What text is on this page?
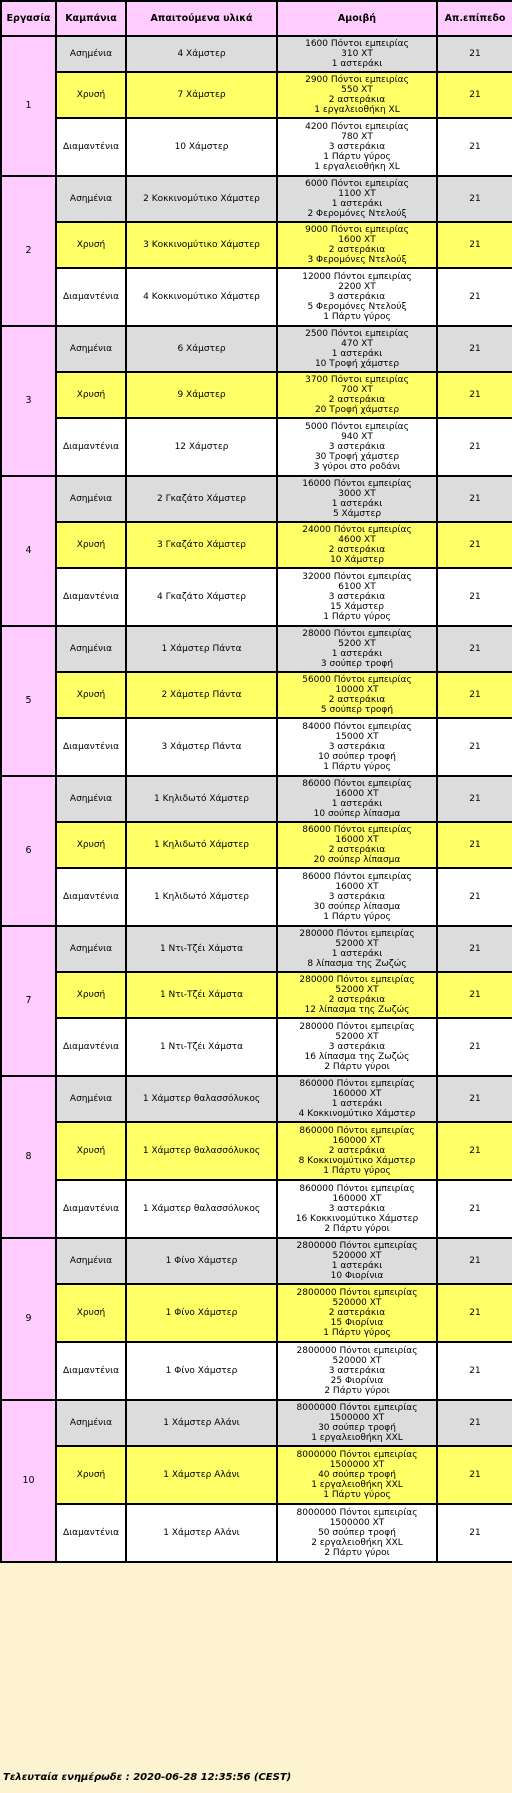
Εργασία	Καμπάνια	Απαιτούμενα υλικά	Αμοιβή	Απ.επίπεδο
1	Ασημένια	4 Χάμστερ	1600 Πόντοι εμπειρίας
310 ΧΤ
1 αστεράκι	21
	Χρυσή	7 Χάμστερ	2900 Πόντοι εμπειρίας
550 ΧΤ
2 αστεράκια
1 εργαλειοθήκη XL	21
	Διαμαντένια	10 Χάμστερ	4200 Πόντοι εμπειρίας
780 ΧΤ
3 αστεράκια
1 Πάρτυ γύρος
1 εργαλειοθήκη XL	21
2	Ασημένια	2 Κοκκινομύτικο Χάμστερ	6000 Πόντοι εμπειρίας
1100 ΧΤ
1 αστεράκι
2 Φερομόνες Ντελούξ	21
	Χρυσή	3 Κοκκινομύτικο Χάμστερ	9000 Πόντοι εμπειρίας
1600 ΧΤ
2 αστεράκια
3 Φερομόνες Ντελούξ	21
	Διαμαντένια	4 Κοκκινομύτικο Χάμστερ	12000 Πόντοι εμπειρίας
2200 ΧΤ
3 αστεράκια
5 Φερομόνες Ντελούξ
1 Πάρτυ γύρος	21
3	Ασημένια	6 Χάμστερ	2500 Πόντοι εμπειρίας
470 ΧΤ
1 αστεράκι
10 Τροφή χάμστερ	21
	Χρυσή	9 Χάμστερ	3700 Πόντοι εμπειρίας
700 ΧΤ
2 αστεράκια
20 Τροφή χάμστερ	21
	Διαμαντένια	12 Χάμστερ	5000 Πόντοι εμπειρίας
940 ΧΤ
3 αστεράκια
30 Τροφή χάμστερ
3 γύροι στο ροδάνι	21
4	Ασημένια	2 Γκαζάτο Χάμστερ	16000 Πόντοι εμπειρίας
3000 ΧΤ
1 αστεράκι
5 Χάμστερ	21
	Χρυσή	3 Γκαζάτο Χάμστερ	24000 Πόντοι εμπειρίας
4600 ΧΤ
2 αστεράκια
10 Χάμστερ	21
	Διαμαντένια	4 Γκαζάτο Χάμστερ	32000 Πόντοι εμπειρίας
6100 ΧΤ
3 αστεράκια
15 Χάμστερ
1 Πάρτυ γύρος	21
5	Ασημένια	1 Χάμστερ Πάντα	28000 Πόντοι εμπειρίας
5200 ΧΤ
1 αστεράκι
3 σούπερ τροφή	21
	Χρυσή	2 Χάμστερ Πάντα	56000 Πόντοι εμπειρίας
10000 ΧΤ
2 αστεράκια
5 σούπερ τροφή	21
	Διαμαντένια	3 Χάμστερ Πάντα	84000 Πόντοι εμπειρίας
15000 ΧΤ
3 αστεράκια
10 σούπερ τροφή
1 Πάρτυ γύρος	21
6	Ασημένια	1 Κηλιδωτό Χάμστερ	86000 Πόντοι εμπειρίας
16000 ΧΤ
1 αστεράκι
10 σούπερ λίπασμα	21
	Χρυσή	1 Κηλιδωτό Χάμστερ	86000 Πόντοι εμπειρίας
16000 ΧΤ
2 αστεράκια
20 σούπερ λίπασμα	21
	Διαμαντένια	1 Κηλιδωτό Χάμστερ	86000 Πόντοι εμπειρίας
16000 ΧΤ
3 αστεράκια
30 σούπερ λίπασμα
1 Πάρτυ γύρος	21
7	Ασημένια	1 Ντι-Τζέι Χάμστα	280000 Πόντοι εμπειρίας
52000 ΧΤ
1 αστεράκι
8 λίπασμα της Ζωζώς	21
	Χρυσή	1 Ντι-Τζέι Χάμστα	280000 Πόντοι εμπειρίας
52000 ΧΤ
2 αστεράκια
12 λίπασμα της Ζωζώς	21
	Διαμαντένια	1 Ντι-Τζέι Χάμστα	280000 Πόντοι εμπειρίας
52000 ΧΤ
3 αστεράκια
16 λίπασμα της Ζωζώς
2 Πάρτυ γύροι	21
8	Ασημένια	1 Χάμστερ θαλασσόλυκος	860000 Πόντοι εμπειρίας
160000 ΧΤ
1 αστεράκι
4 Κοκκινομύτικο Χάμστερ	21
	Χρυσή	1 Χάμστερ θαλασσόλυκος	860000 Πόντοι εμπειρίας
160000 ΧΤ
2 αστεράκια
8 Κοκκινομύτικο Χάμστερ
1 Πάρτυ γύρος	21
	Διαμαντένια	1 Χάμστερ θαλασσόλυκος	860000 Πόντοι εμπειρίας
160000 ΧΤ
3 αστεράκια
16 Κοκκινομύτικο Χάμστερ
2 Πάρτυ γύροι	21
9	Ασημένια	1 Φίνο Χάμστερ	2800000 Πόντοι εμπειρίας
520000 ΧΤ
1 αστεράκι
10 Φιορίνια	21
	Χρυσή	1 Φίνο Χάμστερ	2800000 Πόντοι εμπειρίας
520000 ΧΤ
2 αστεράκια
15 Φιορίνια
1 Πάρτυ γύρος	21
	Διαμαντένια	1 Φίνο Χάμστερ	2800000 Πόντοι εμπειρίας
520000 ΧΤ
3 αστεράκια
25 Φιορίνια
2 Πάρτυ γύροι	21
10	Ασημένια	1 Χάμστερ Αλάνι	8000000 Πόντοι εμπειρίας
1500000 ΧΤ
30 σούπερ τροφή
1 εργαλειοθήκη XXL	21
	Χρυσή	1 Χάμστερ Αλάνι	8000000 Πόντοι εμπειρίας
1500000 ΧΤ
40 σούπερ τροφή
1 εργαλειοθήκη XXL
1 Πάρτυ γύρος	21
	Διαμαντένια	1 Χάμστερ Αλάνι	8000000 Πόντοι εμπειρίας
1500000 ΧΤ
50 σούπερ τροφή
2 εργαλειοθήκη XXL
2 Πάρτυ γύροι	21
Τελευταία ενημέρωδε : 2020-06-28 12:35:56 (CEST)
